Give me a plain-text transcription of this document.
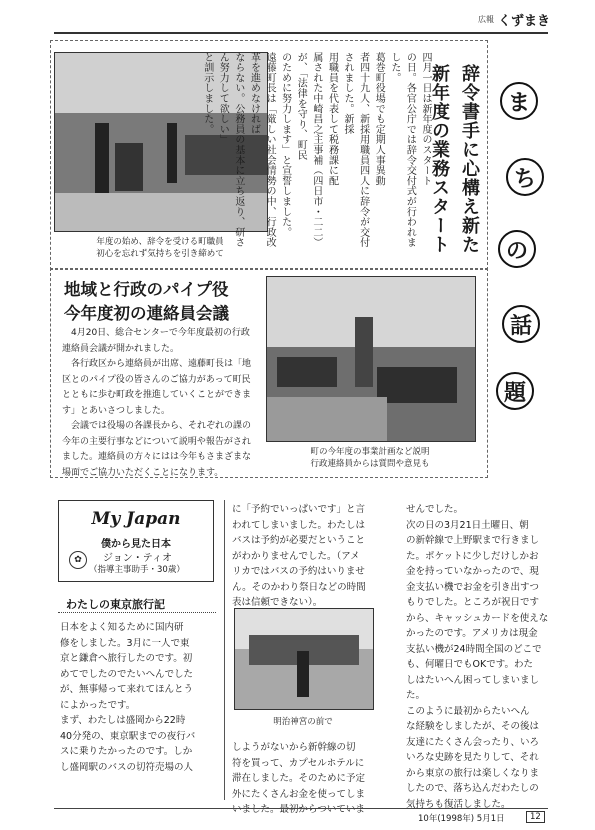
広報 くずまき
ま
ち
の
話
題
年度の始め、辞令を受ける町職員
初心を忘れず気持ちを引き締めて
四月一日は新年度のスタート
の日。各官公庁では辞令交付式が行われました。
葛巻町役場でも定期人事異動
者四十九人、新採用職員四人に辞令が交付されました。新採
用職員を代表して税務課に配
属された中崎昌之主事補（四日市・二二）が、「法律を守り、町民
のために努力します」と宣誓しました。
遠藤町長は「厳しい社会情勢の中、行政改革を進めなければ
ならない。公務員の基本に立ち返り、研さん努力して欲しい」
と訓示しました。	辞令書手に心構え新た
新年度の業務スタート
地域と行政のパイプ役
今年度初の連絡員会議
4月20日、総合センターで今年度最初の行政連絡員会議が開かれました。
各行政区から連絡員が出席、遠藤町長は「地区とのパイプ役の皆さんのご協力があって町民とともに歩む町政を推進していくことができます」とあいさつしました。
会議では役場の各課長から、それぞれの課の今年の主要行事などについて説明や報告がされました。連絡員の方々にはは今年もさまざまな場面でご協力いただくことになります。
町の今年度の事業計画など説明
行政連絡員からは質問や意見も
My Japan
僕から見た日本
✿	ジョン・ティオ
（指導主事助手・30歳）
わたしの東京旅行記
日本をよく知るために国内研
修をしました。3月に一人で東
京と鎌倉へ旅行したのです。初
めてでしたのでたいへんでした
が、無事帰って来れてほんとう
によかったです。
まず、わたしは盛岡から22時
40分発の、東京駅までの夜行バ
スに乗りたかったのです。しか
し盛岡駅のバスの切符売場の人
に「予約でいっぱいです」と言
われてしまいました。わたしは
バスは予約が必要だということ
がわかりませんでした。（アメ
リカではバスの予約はいりませ
ん。そのかわり祭日などの時間
表は信頼できない）。
明治神宮の前で
しようがないから新幹線の切
符を買って、カプセルホテルに
滞在しました。そのために予定
外にたくさんお金を使ってしま
いました。最初からついていま
せんでした。
次の日の3月21日土曜日、朝
の新幹線で上野駅まで行きまし
た。ポケットに少しだけしかお
金を持っていなかったので、現
金支払い機でお金を引き出すつ
もりでした。ところが祝日です
から、キャッシュカードを使えな
かったのです。アメリカは現金
支払い機が24時間全国のどこで
も、何曜日でもOKです。わた
しはたいへん困ってしまいまし
た。
このように最初からたいへん
な経験をしましたが、その後は
友達にたくさん会ったり、いろ
いろな史跡を見たりして、それ
から東京の旅行は楽しくなりま
したので、落ち込んだわたしの
気持ちも復活しました。
10年(1998年) 5月1日	12
